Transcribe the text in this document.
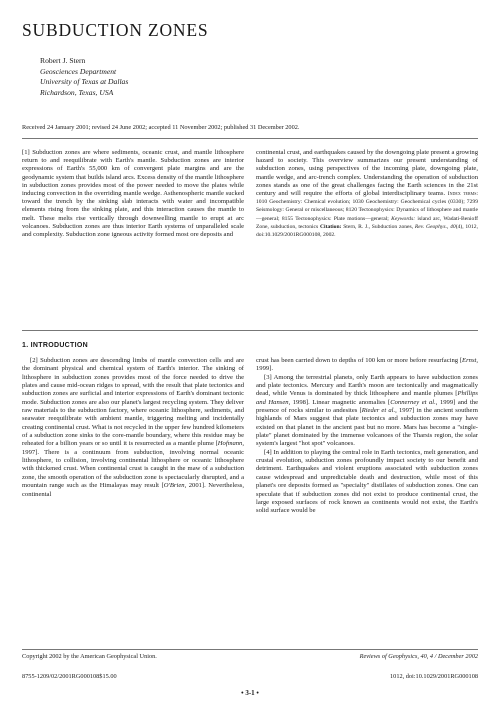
SUBDUCTION ZONES
Robert J. Stern
Geosciences Department
University of Texas at Dallas
Richardson, Texas, USA
Received 24 January 2001; revised 24 June 2002; accepted 11 November 2002; published 31 December 2002.

[1] Subduction zones are where sediments, oceanic crust, and mantle lithosphere return to and reequilibrate with Earth's mantle. Subduction zones are interior expressions of Earth's 55,000 km of convergent plate margins and are the geodynamic system that builds island arcs. Excess density of the mantle lithosphere in subduction zones provides most of the power needed to move the plates while inducing convection in the overriding mantle wedge. Asthenospheric mantle sucked toward the trench by the sinking slab interacts with water and incompatible elements rising from the sinking plate, and this interaction causes the mantle to melt. These melts rise vertically through downwelling mantle to erupt at arc volcanoes. Subduction zones are thus interior Earth systems of unparalleled scale and complexity. Subduction zone igneous activity formed most ore deposits and

continental crust, and earthquakes caused by the downgoing plate present a growing hazard to society. This overview summarizes our present understanding of subduction zones, using perspectives of the incoming plate, downgoing plate, mantle wedge, and arc-trench complex. Understanding the operation of subduction zones stands as one of the great challenges facing the Earth sciences in the 21st century and will require the efforts of global interdisciplinary teams. Index terms: 1010 Geochemistry: Chemical evolution; 1030 Geochemistry: Geochemical cycles (0330); 7299 Seismology: General or miscellaneous; 8120 Tectonophysics: Dynamics of lithosphere and mantle—general; 8155 Tectonophysics: Plate motions—general; Keywords: island arc, Wadati-Benioff Zone, subduction, tectonics Citation: Stern, R. J., Subduction zones, Rev. Geophys., 40(4), 1012, doi:10.1029/2001RG000108, 2002.

1. INTRODUCTION

[2] Subduction zones are descending limbs of mantle convection cells and are the dominant physical and chemical system of Earth's interior. The sinking of lithosphere in subduction zones provides most of the force needed to drive the plates and cause mid-ocean ridges to spread, with the result that plate tectonics and subduction zones are surficial and interior expressions of Earth's dominant tectonic mode. Subduction zones are also our planet's largest recycling system. They deliver raw materials to the subduction factory, where oceanic lithosphere, sediments, and seawater reequilibrate with ambient mantle, triggering melting and incidentally creating continental crust. What is not recycled in the upper few hundred kilometers of a subduction zone sinks to the core-mantle boundary, where this residue may be reheated for a billion years or so until it is resurrected as a mantle plume [Hofmann, 1997]. There is a continuum from subduction, involving normal oceanic lithosphere, to collision, involving continental lithosphere or oceanic lithosphere with thickened crust. When continental crust is caught in the maw of a subduction zone, the smooth operation of the subduction zone is spectacularly disrupted, and a mountain range such as the Himalayas may result [O'Brien, 2001]. Nevertheless, continental

crust has been carried down to depths of 100 km or more before resurfacing [Ernst, 1999].

[3] Among the terrestrial planets, only Earth appears to have subduction zones and plate tectonics. Mercury and Earth's moon are tectonically and magmatically dead, while Venus is dominated by thick lithosphere and mantle plumes [Phillips and Hansen, 1998]. Linear magnetic anomalies [Connerney et al., 1999] and the presence of rocks similar to andesites [Rieder et al., 1997] in the ancient southern highlands of Mars suggest that plate tectonics and subduction zones may have existed on that planet in the ancient past but no more. Mars has become a "single-plate" planet dominated by the immense volcanoes of the Tharsis region, the solar system's largest "hot spot" volcanoes.

[4] In addition to playing the central role in Earth tectonics, melt generation, and crustal evolution, subduction zones profoundly impact society to our benefit and detriment. Earthquakes and violent eruptions associated with subduction zones cause widespread and unpredictable death and destruction, while most of this planet's ore deposits formed as "specialty" distillates of subduction zones. One can speculate that if subduction zones did not exist to produce continental crust, the large exposed surfaces of rock known as continents would not exist, the Earth's solid surface would be

Copyright 2002 by the American Geophysical Union.	Reviews of Geophysics, 40, 4 / December 2002
8755-1209/02/2001RG000108$15.00	1012, doi:10.1029/2001RG000108
• 3-1 •
